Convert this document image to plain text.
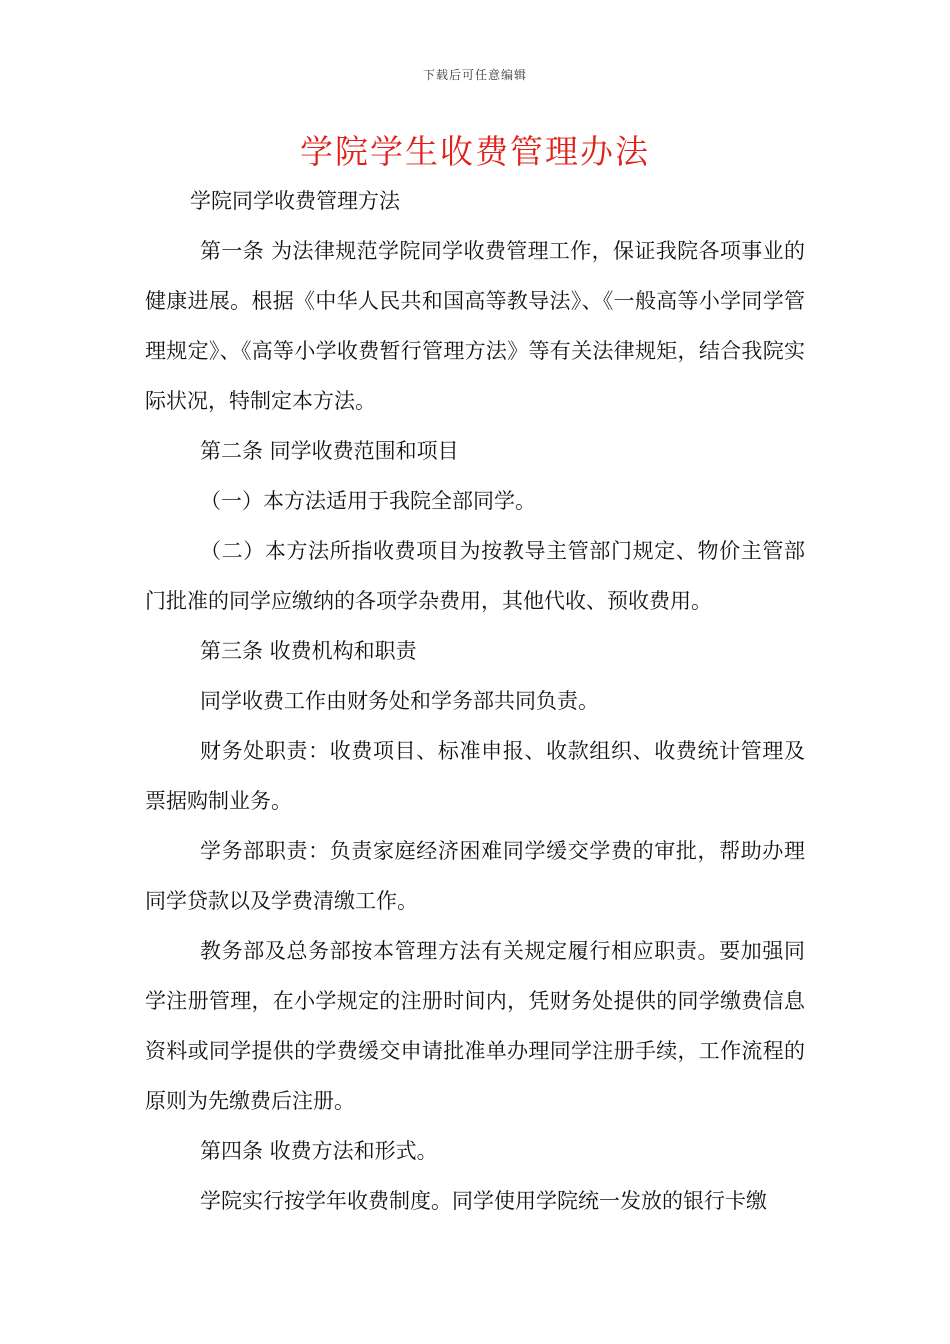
下载后可任意编辑
学院学生收费管理办法

学院同学收费管理方法

第一条 为法律规范学院同学收费管理工作，保证我院各项事业的健康进展。根据《中华人民共和国高等教导法》、《一般高等小学同学管理规定》、《高等小学收费暂行管理方法》等有关法律规矩，结合我院实际状况，特制定本方法。

第二条 同学收费范围和项目

（一）本方法适用于我院全部同学。

（二）本方法所指收费项目为按教导主管部门规定、物价主管部门批准的同学应缴纳的各项学杂费用，其他代收、预收费用。

第三条 收费机构和职责

同学收费工作由财务处和学务部共同负责。

财务处职责：收费项目、标准申报、收款组织、收费统计管理及票据购制业务。

学务部职责：负责家庭经济困难同学缓交学费的审批，帮助办理同学贷款以及学费清缴工作。

教务部及总务部按本管理方法有关规定履行相应职责。要加强同学注册管理，在小学规定的注册时间内，凭财务处提供的同学缴费信息资料或同学提供的学费缓交申请批准单办理同学注册手续，工作流程的原则为先缴费后注册。

第四条 收费方法和形式。

学院实行按学年收费制度。同学使用学院统一发放的银行卡缴
